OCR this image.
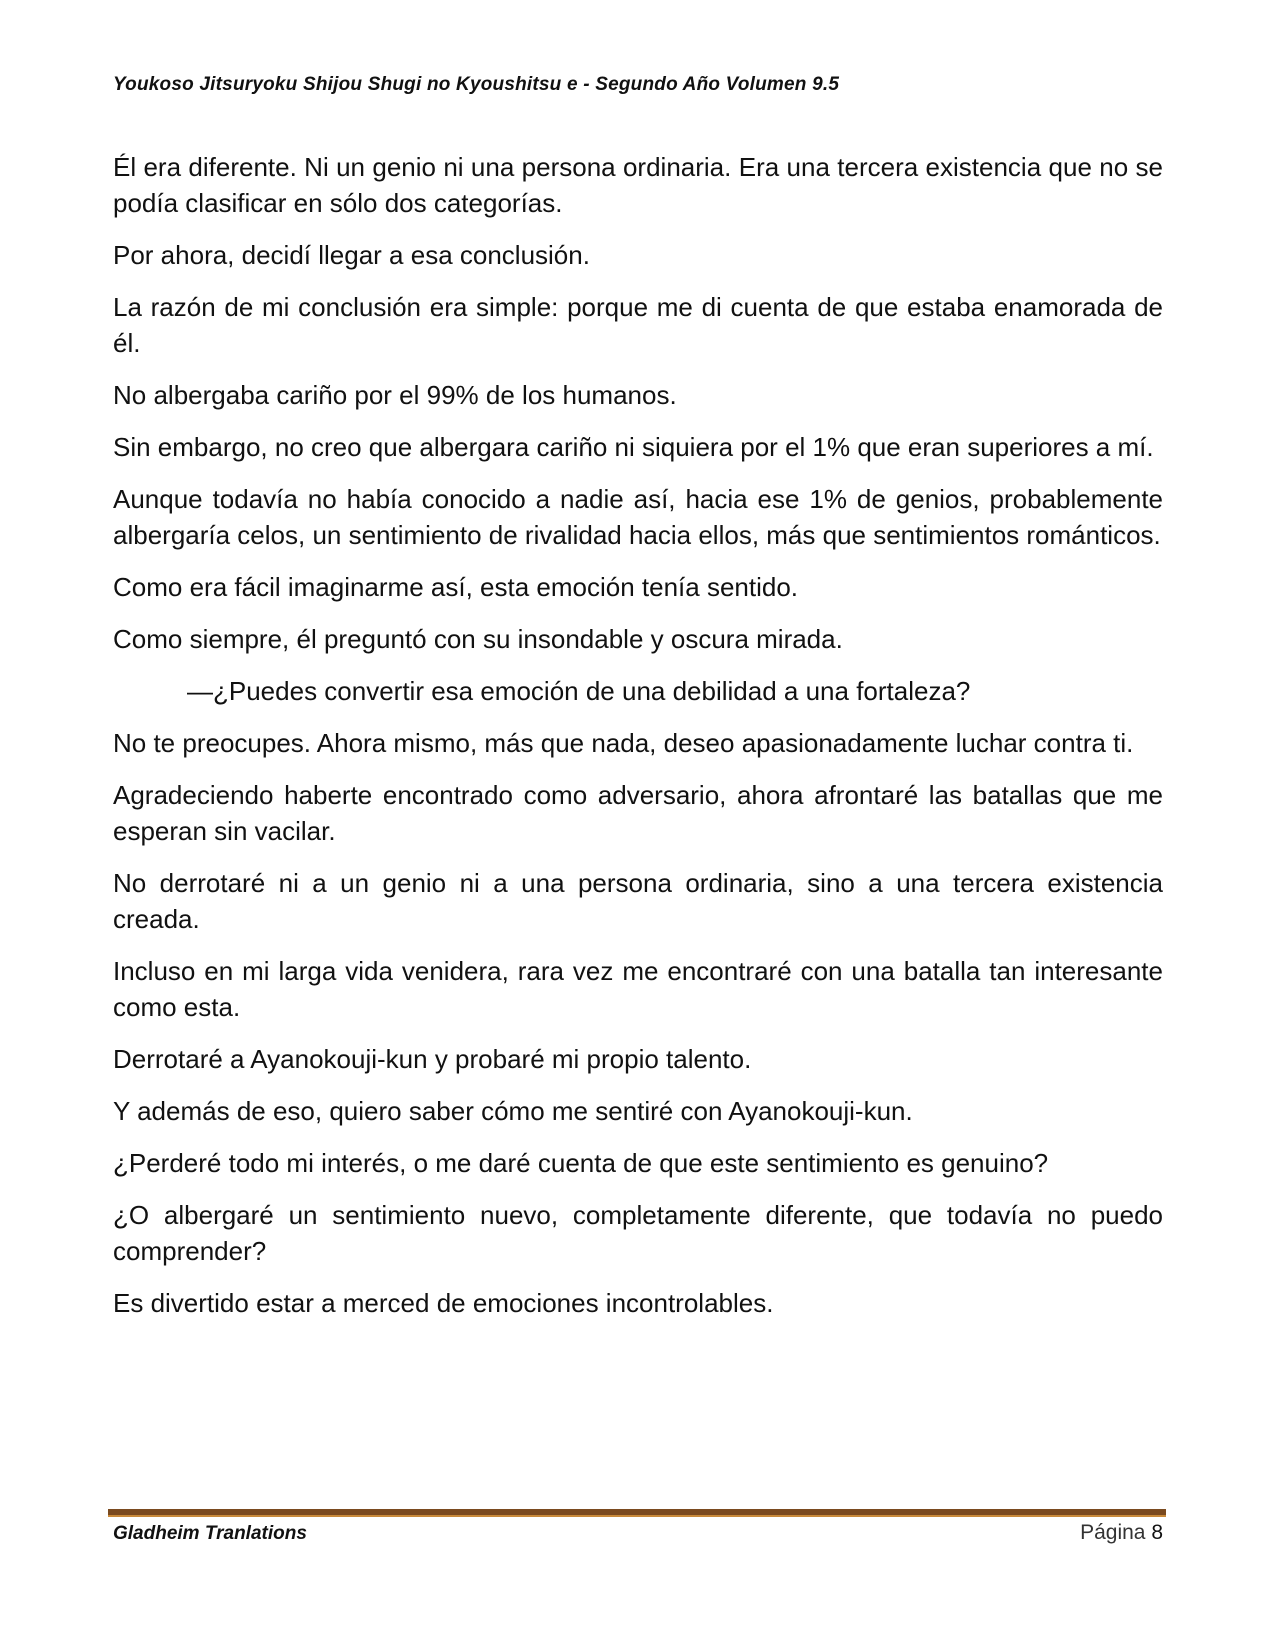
Youkoso Jitsuryoku Shijou Shugi no Kyoushitsu e - Segundo Año Volumen 9.5

Él era diferente. Ni un genio ni una persona ordinaria. Era una tercera existencia que no se podía clasificar en sólo dos categorías.

Por ahora, decidí llegar a esa conclusión.

La razón de mi conclusión era simple: porque me di cuenta de que estaba enamorada de él.

No albergaba cariño por el 99% de los humanos.

Sin embargo, no creo que albergara cariño ni siquiera por el 1% que eran superiores a mí.

Aunque todavía no había conocido a nadie así, hacia ese 1% de genios, probablemente albergaría celos, un sentimiento de rivalidad hacia ellos, más que sentimientos románticos.

Como era fácil imaginarme así, esta emoción tenía sentido.

Como siempre, él preguntó con su insondable y oscura mirada.

—¿Puedes convertir esa emoción de una debilidad a una fortaleza?

No te preocupes. Ahora mismo, más que nada, deseo apasionadamente luchar contra ti.

Agradeciendo haberte encontrado como adversario, ahora afrontaré las batallas que me esperan sin vacilar.

No derrotaré ni a un genio ni a una persona ordinaria, sino a una tercera existencia creada.

Incluso en mi larga vida venidera, rara vez me encontraré con una batalla tan interesante como esta.

Derrotaré a Ayanokouji-kun y probaré mi propio talento.

Y además de eso, quiero saber cómo me sentiré con Ayanokouji-kun.

¿Perderé todo mi interés, o me daré cuenta de que este sentimiento es genuino?

¿O albergaré un sentimiento nuevo, completamente diferente, que todavía no puedo comprender?

Es divertido estar a merced de emociones incontrolables.

Gladheim Tranlations	Página 8
